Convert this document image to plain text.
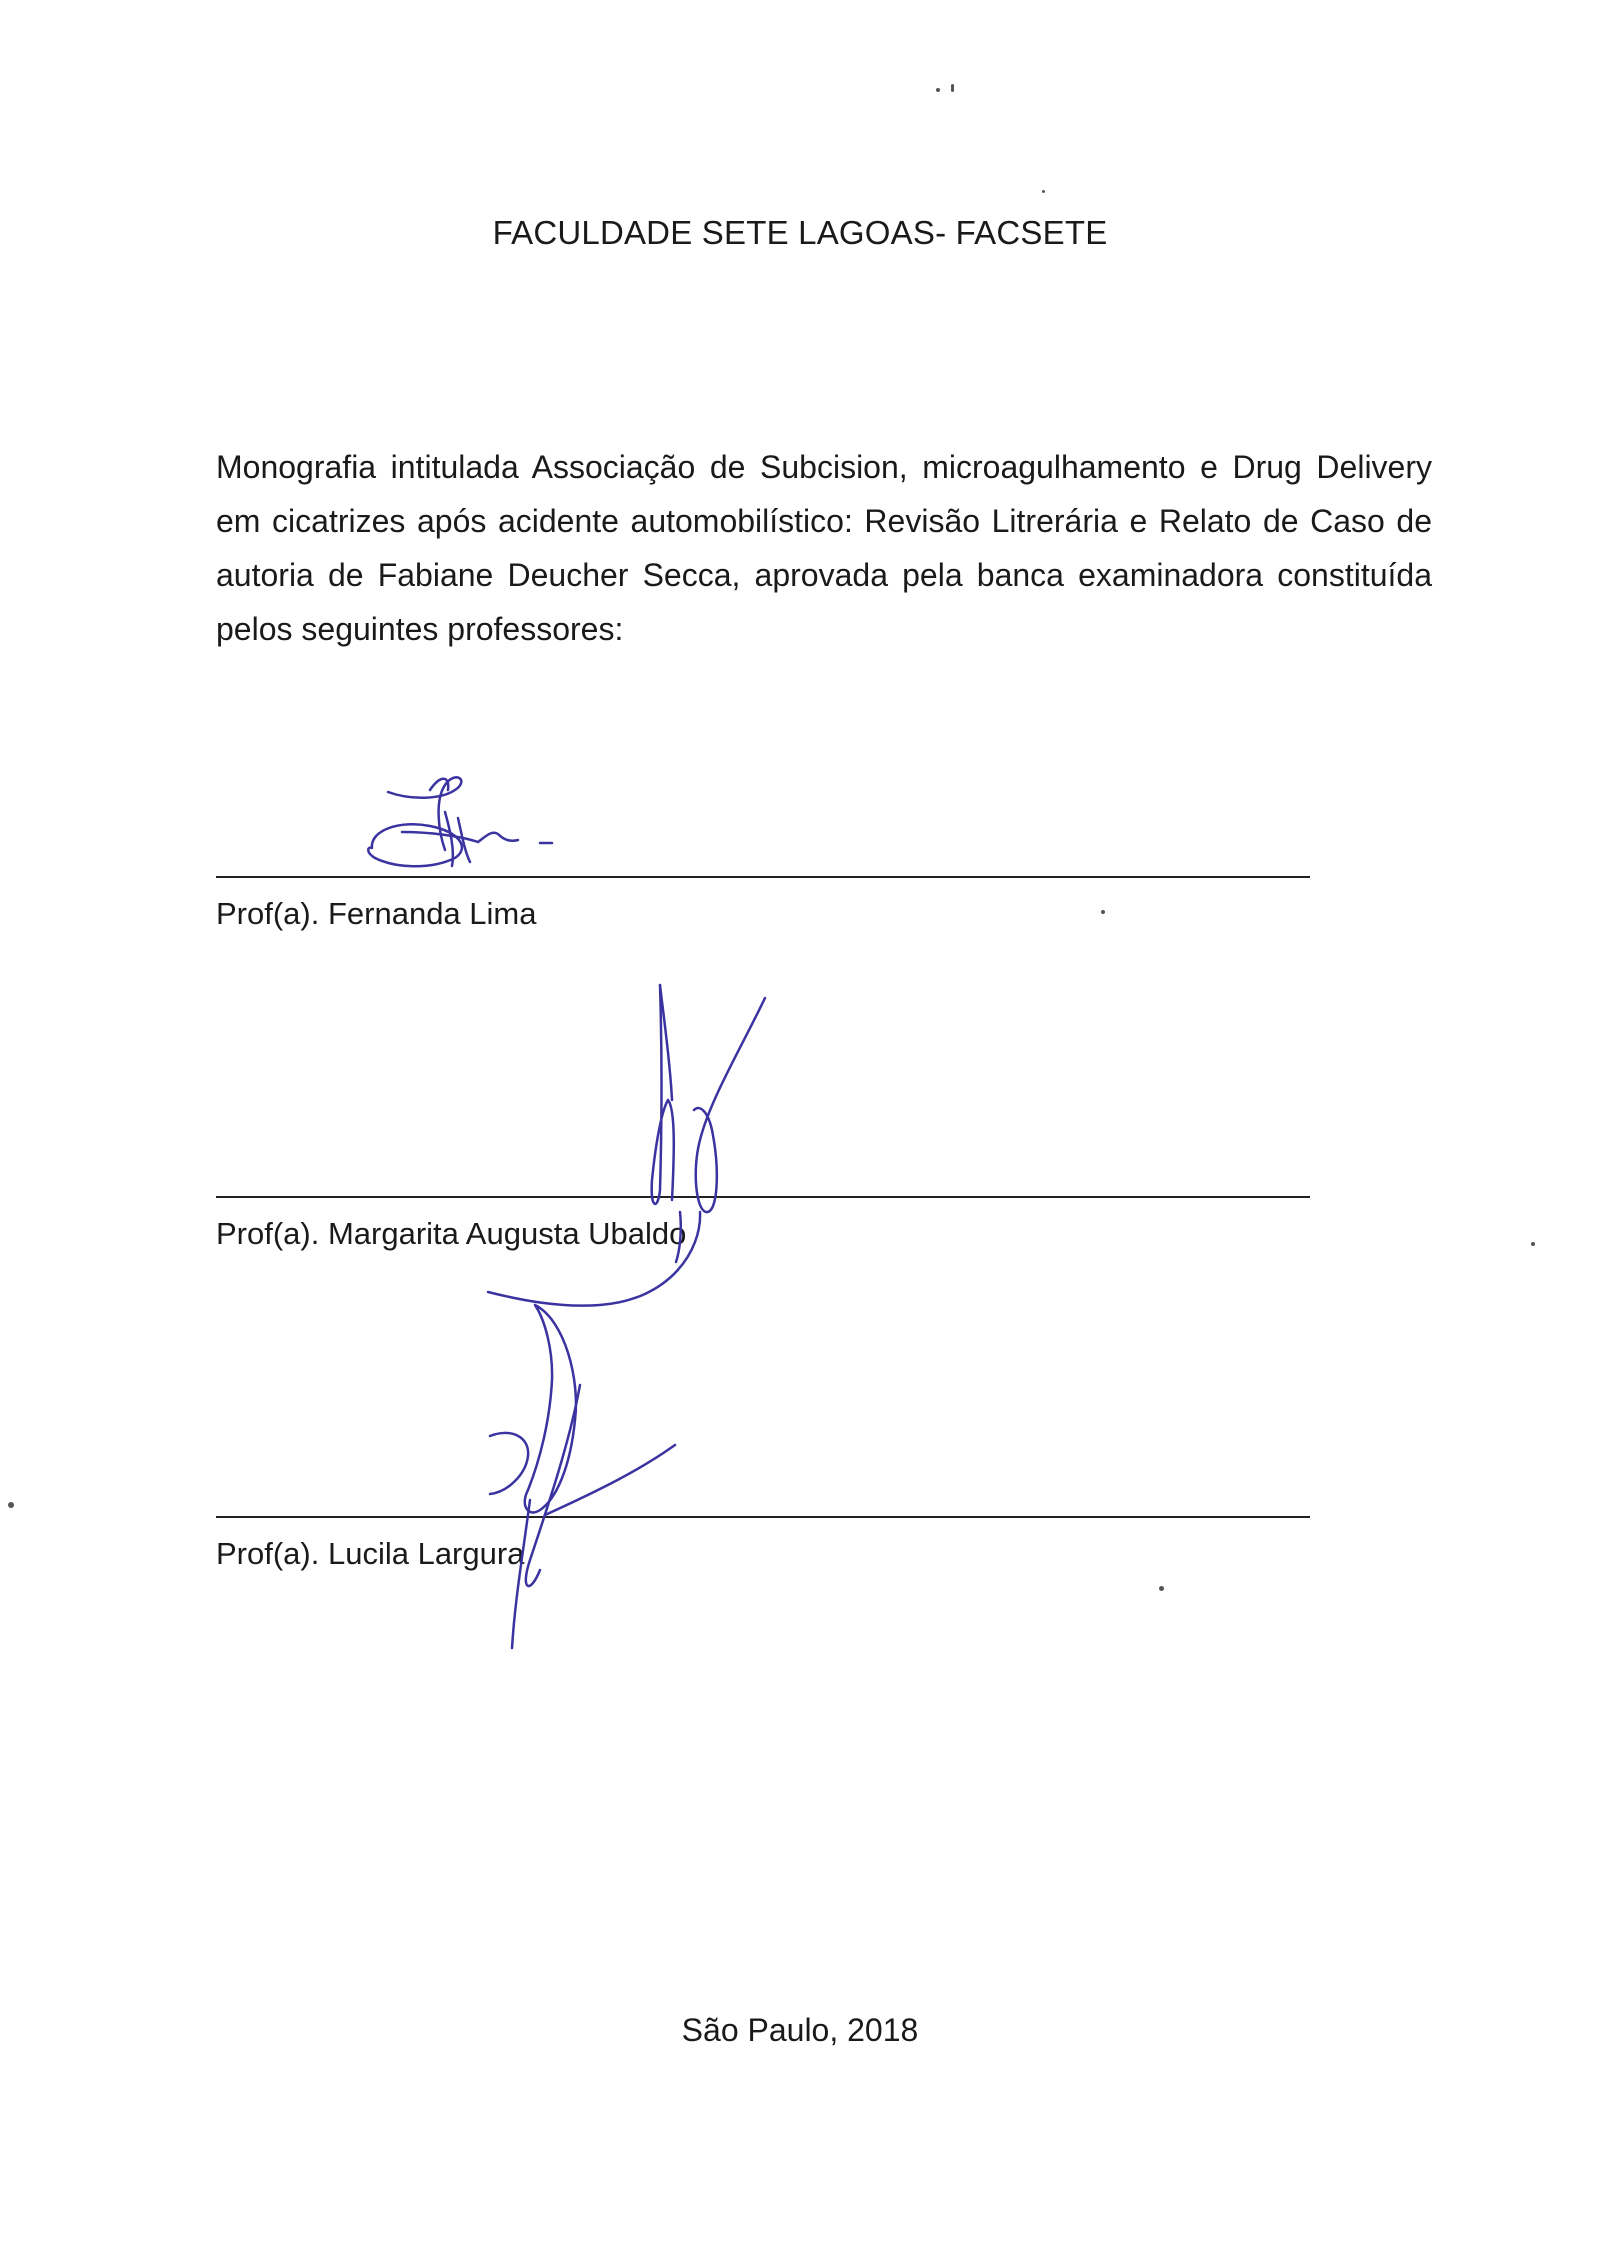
FACULDADE SETE LAGOAS- FACSETE
Monografia intitulada Associação de Subcision, microagulhamento e Drug Delivery em cicatrizes após acidente automobilístico: Revisão Litrerária e Relato de Caso de autoria de Fabiane Deucher Secca, aprovada pela banca examinadora constituída pelos seguintes professores:
Prof(a). Fernanda Lima
Prof(a). Margarita Augusta Ubaldo
Prof(a). Lucila Largura
São Paulo, 2018
